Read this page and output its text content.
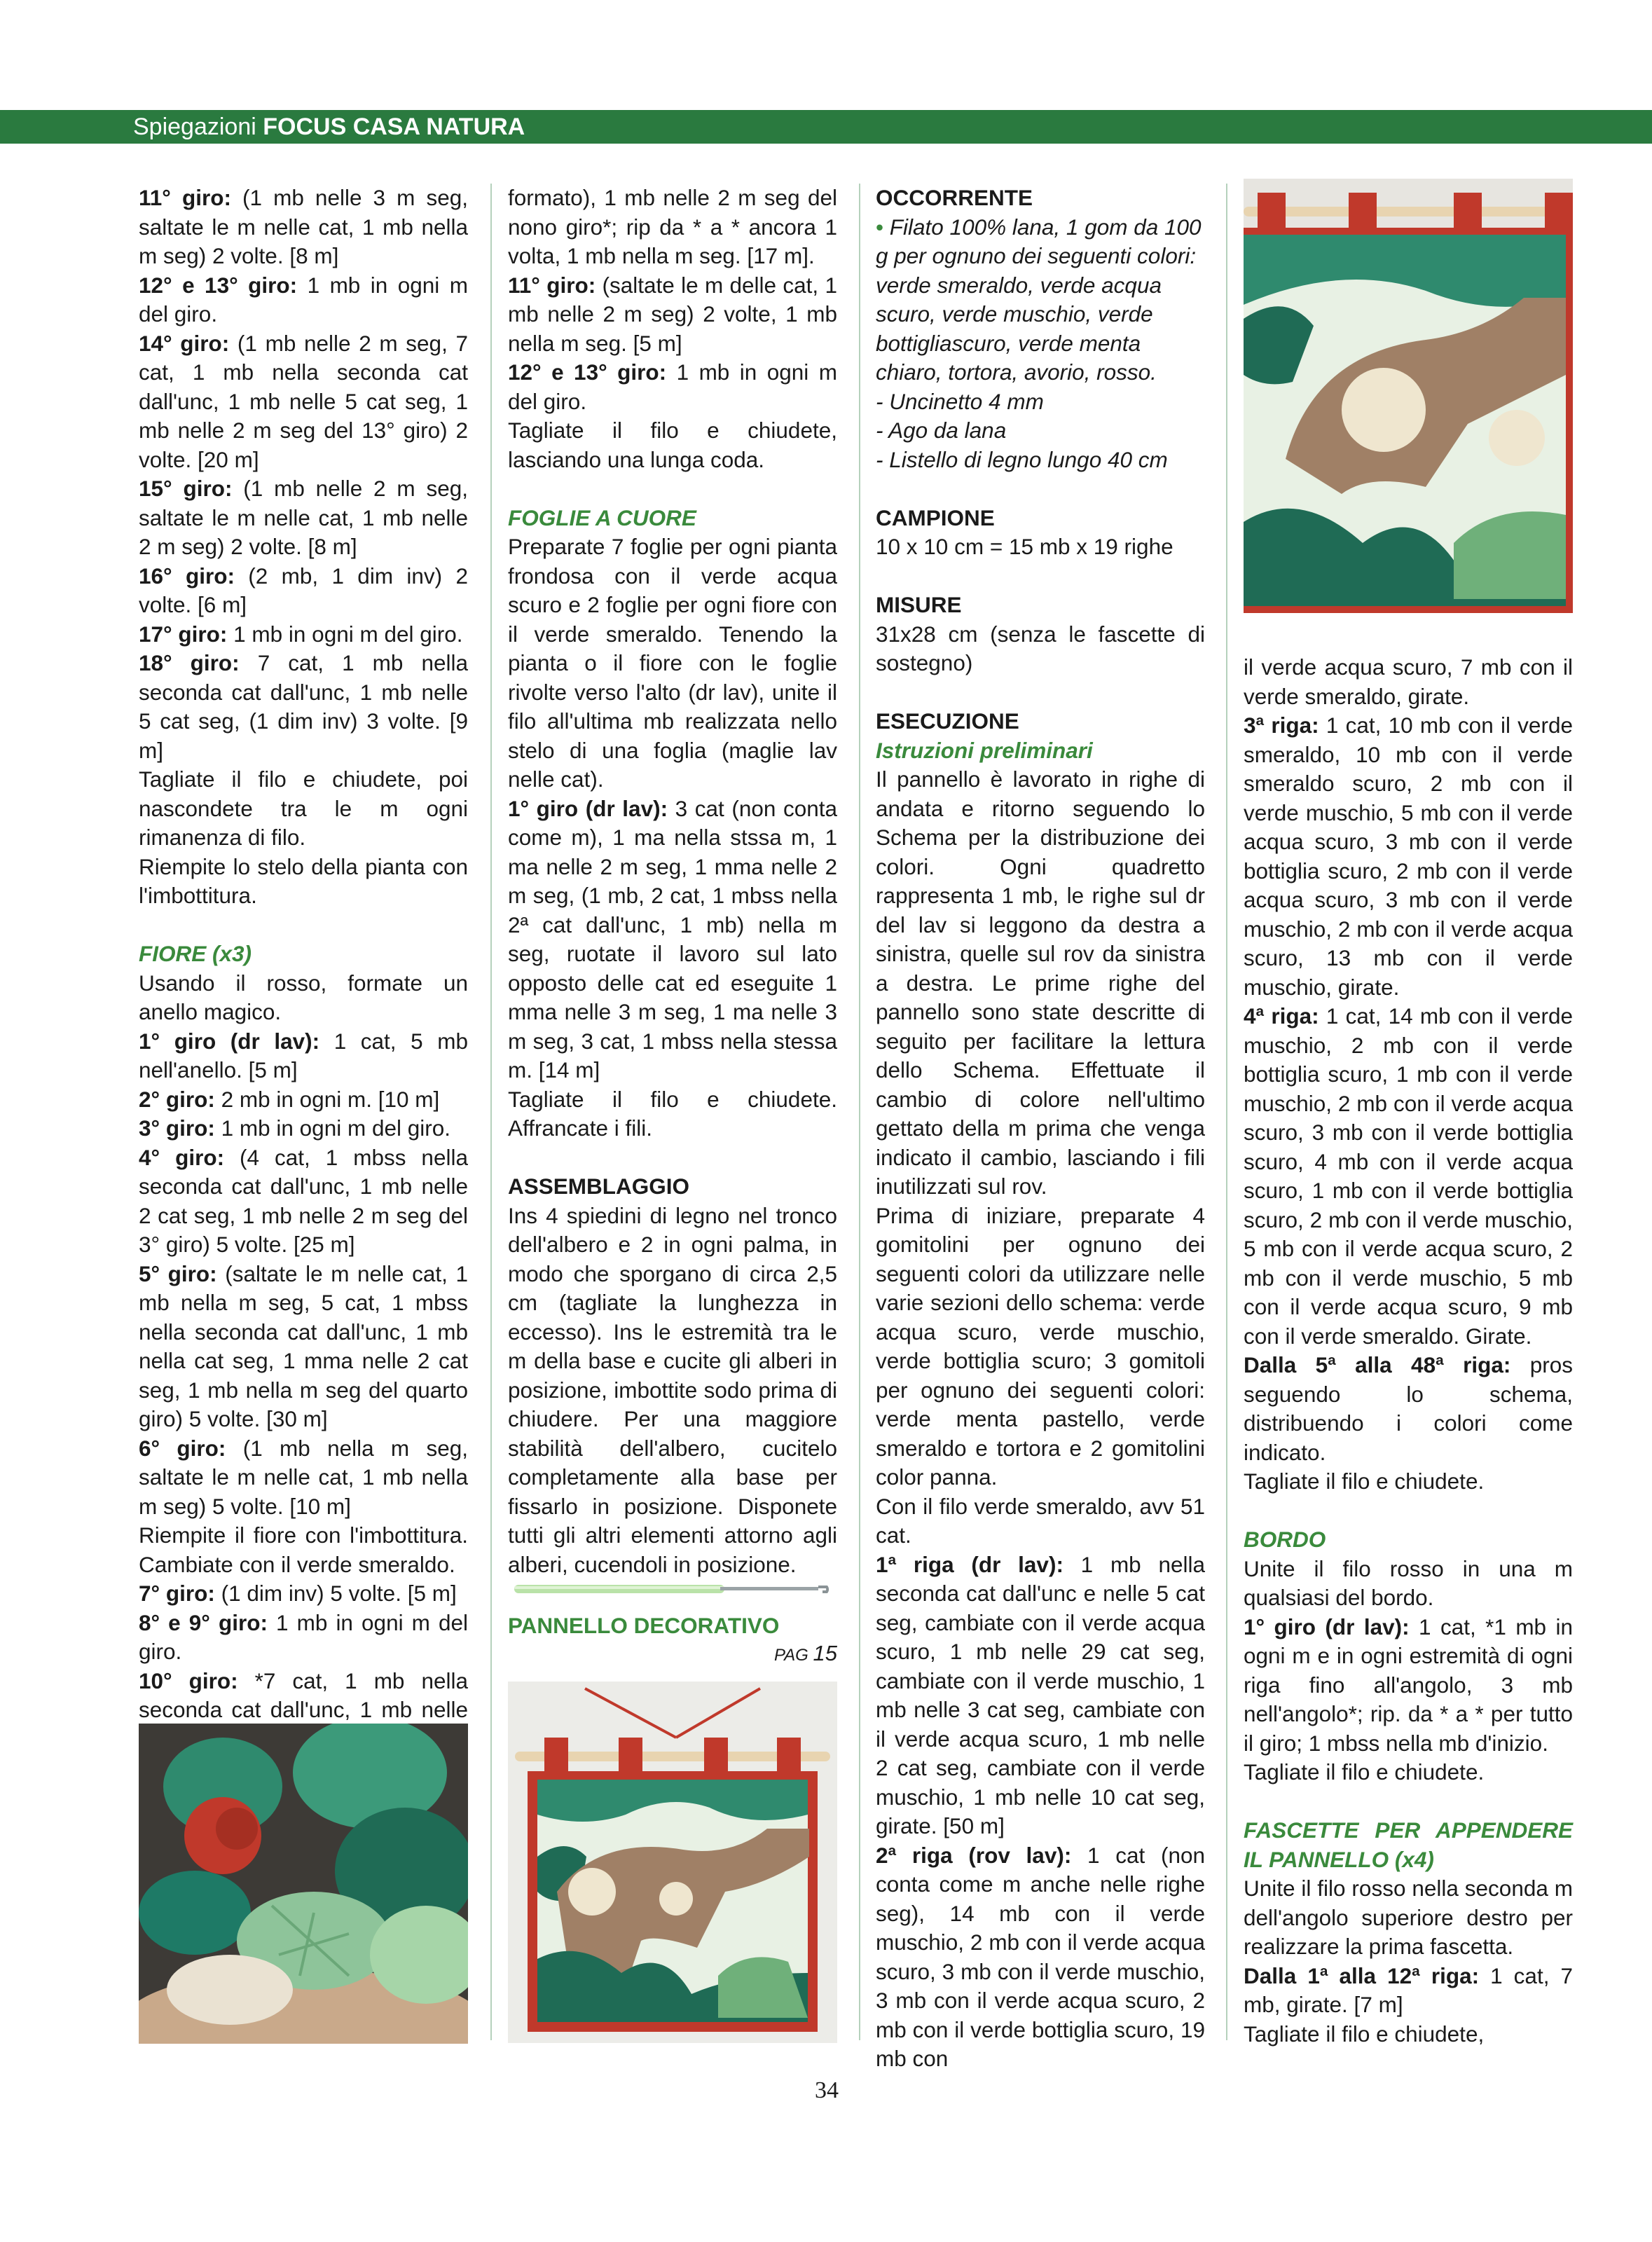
Spiegazioni FOCUS CASA NATURA

11° giro: (1 mb nelle 3 m seg, saltate le m nelle cat, 1 mb nella m seg) 2 volte. [8 m]

12° e 13° giro: 1 mb in ogni m del giro.

14° giro: (1 mb nelle 2 m seg, 7 cat, 1 mb nella seconda cat dall'unc, 1 mb nelle 5 cat seg, 1 mb nelle 2 m seg del 13° giro) 2 volte. [20 m]

15° giro: (1 mb nelle 2 m seg, saltate le m nelle cat, 1 mb nelle 2 m seg) 2 volte. [8 m]

16° giro: (2 mb, 1 dim inv) 2 volte. [6 m]

17° giro: 1 mb in ogni m del giro.

18° giro: 7 cat, 1 mb nella seconda cat dall'unc, 1 mb nelle 5 cat seg, (1 dim inv) 3 volte. [9 m]

Tagliate il filo e chiudete, poi nascondete tra le m ogni rimanenza di filo.

Riempite lo stelo della pianta con l'imbottitura.

FIORE (x3)

Usando il rosso, formate un anello magico.

1° giro (dr lav): 1 cat, 5 mb nell'anello. [5 m]

2° giro: 2 mb in ogni m. [10 m]

3° giro: 1 mb in ogni m del giro.

4° giro: (4 cat, 1 mbss nella seconda cat dall'unc, 1 mb nelle 2 cat seg, 1 mb nelle 2 m seg del 3° giro) 5 volte. [25 m]

5° giro: (saltate le m nelle cat, 1 mb nella m seg, 5 cat, 1 mbss nella seconda cat dall'unc, 1 mb nella cat seg, 1 mma nelle 2 cat seg, 1 mb nella m seg del quarto giro) 5 volte. [30 m]

6° giro: (1 mb nella m seg, saltate le m nelle cat, 1 mb nella m seg) 5 volte. [10 m]

Riempite il fiore con l'imbottitura. Cambiate con il verde smeraldo.

7° giro: (1 dim inv) 5 volte. [5 m]

8° e 9° giro: 1 mb in ogni m del giro.

10° giro: *7 cat, 1 mb nella seconda cat dall'unc, 1 mb nelle

formato), 1 mb nelle 2 m seg del nono giro*; rip da * a * ancora 1 volta, 1 mb nella m seg. [17 m].

11° giro: (saltate le m delle cat, 1 mb nelle 2 m seg) 2 volte, 1 mb nella m seg. [5 m]

12° e 13° giro: 1 mb in ogni m del giro.

Tagliate il filo e chiudete, lasciando una lunga coda.

FOGLIE A CUORE

Preparate 7 foglie per ogni pianta frondosa con il verde acqua scuro e 2 foglie per ogni fiore con il verde smeraldo. Tenendo la pianta o il fiore con le foglie rivolte verso l'alto (dr lav), unite il filo all'ultima mb realizzata nello stelo di una foglia (maglie lav nelle cat).

1° giro (dr lav): 3 cat (non conta come m), 1 ma nella stssa m, 1 ma nelle 2 m seg, 1 mma nelle 2 m seg, (1 mb, 2 cat, 1 mbss nella 2ª cat dall'unc, 1 mb) nella m seg, ruotate il lavoro sul lato opposto delle cat ed eseguite 1 mma nelle 3 m seg, 1 ma nelle 3 m seg, 3 cat, 1 mbss nella stessa m. [14 m]

Tagliate il filo e chiudete. Affrancate i fili.

ASSEMBLAGGIO

Ins 4 spiedini di legno nel tronco dell'albero e 2 in ogni palma, in modo che sporgano di circa 2,5 cm (tagliate la lunghezza in eccesso). Ins le estremità tra le m della base e cucite gli alberi in posizione, imbottite sodo prima di chiudere. Per una maggiore stabilità dell'albero, cucitelo completamente alla base per fissarlo in posizione. Disponete tutti gli altri elementi attorno agli alberi, cucendoli in posizione.

OCCORRENTE

• Filato 100% lana, 1 gom da 100 g per ognuno dei seguenti colori: verde smeraldo, verde acqua scuro, verde muschio, verde bottigliascuro, verde menta chiaro, tortora, avorio, rosso.

- Uncinetto 4 mm

- Ago da lana

- Listello di legno lungo 40 cm

CAMPIONE

10 x 10 cm = 15 mb x 19 righe

MISURE

31x28 cm (senza le fascette di sostegno)

ESECUZIONE

Istruzioni preliminari

Il pannello è lavorato in righe di andata e ritorno seguendo lo Schema per la distribuzione dei colori. Ogni quadretto rappresenta 1 mb, le righe sul dr del lav si leggono da destra a sinistra, quelle sul rov da sinistra a destra. Le prime righe del pannello sono state descritte di seguito per facilitare la lettura dello Schema. Effettuate il cambio di colore nell'ultimo gettato della m prima che venga indicato il cambio, lasciando i fili inutilizzati sul rov.

Prima di iniziare, preparate 4 gomitolini per ognuno dei seguenti colori da utilizzare nelle varie sezioni dello schema: verde acqua scuro, verde muschio, verde bottiglia scuro; 3 gomitoli per ognuno dei seguenti colori: verde menta pastello, verde smeraldo e tortora e 2 gomitolini color panna.

Con il filo verde smeraldo, avv 51 cat.

1ª riga (dr lav): 1 mb nella seconda cat dall'unc e nelle 5 cat seg, cambiate con il verde acqua scuro, 1 mb nelle 29 cat seg, cambiate con il verde muschio, 1 mb nelle 3 cat seg, cambiate con il verde acqua scuro, 1 mb nelle 2 cat seg, cambiate con il verde muschio, 1 mb nelle 10 cat seg, girate. [50 m]

2ª riga (rov lav): 1 cat (non conta come m anche nelle righe seg), 14 mb con il verde muschio, 2 mb con il verde acqua scuro, 3 mb con il verde muschio, 3 mb con il verde acqua scuro, 2 mb con il verde bottiglia scuro, 19 mb con

il verde acqua scuro, 7 mb con il verde smeraldo, girate.

3ª riga: 1 cat, 10 mb con il verde smeraldo, 10 mb con il verde smeraldo scuro, 2 mb con il verde muschio, 5 mb con il verde acqua scuro, 3 mb con il verde bottiglia scuro, 2 mb con il verde acqua scuro, 3 mb con il verde muschio, 2 mb con il verde acqua scuro, 13 mb con il verde muschio, girate.

4ª riga: 1 cat, 14 mb con il verde muschio, 2 mb con il verde bottiglia scuro, 1 mb con il verde muschio, 2 mb con il verde acqua scuro, 3 mb con il verde bottiglia scuro, 4 mb con il verde acqua scuro, 1 mb con il verde bottiglia scuro, 2 mb con il verde muschio, 5 mb con il verde acqua scuro, 2 mb con il verde muschio, 5 mb con il verde acqua scuro, 9 mb con il verde smeraldo. Girate.

Dalla 5ª alla 48ª riga: pros seguendo lo schema, distribuendo i colori come indicato.

Tagliate il filo e chiudete.

BORDO

Unite il filo rosso in una m qualsiasi del bordo.

1° giro (dr lav): 1 cat, *1 mb in ogni m e in ogni estremità di ogni riga fino all'angolo, 3 mb nell'angolo*; rip. da * a * per tutto il giro; 1 mbss nella mb d'inizio.

Tagliate il filo e chiudete.

FASCETTE PER APPENDERE IL PANNELLO (x4)

Unite il filo rosso nella seconda m dell'angolo superiore destro per realizzare la prima fascetta.

Dalla 1ª alla 12ª riga: 1 cat, 7 mb, girate. [7 m]

Tagliate il filo e chiudete,

PANNELLO DECORATIVO

PAG 15

34
